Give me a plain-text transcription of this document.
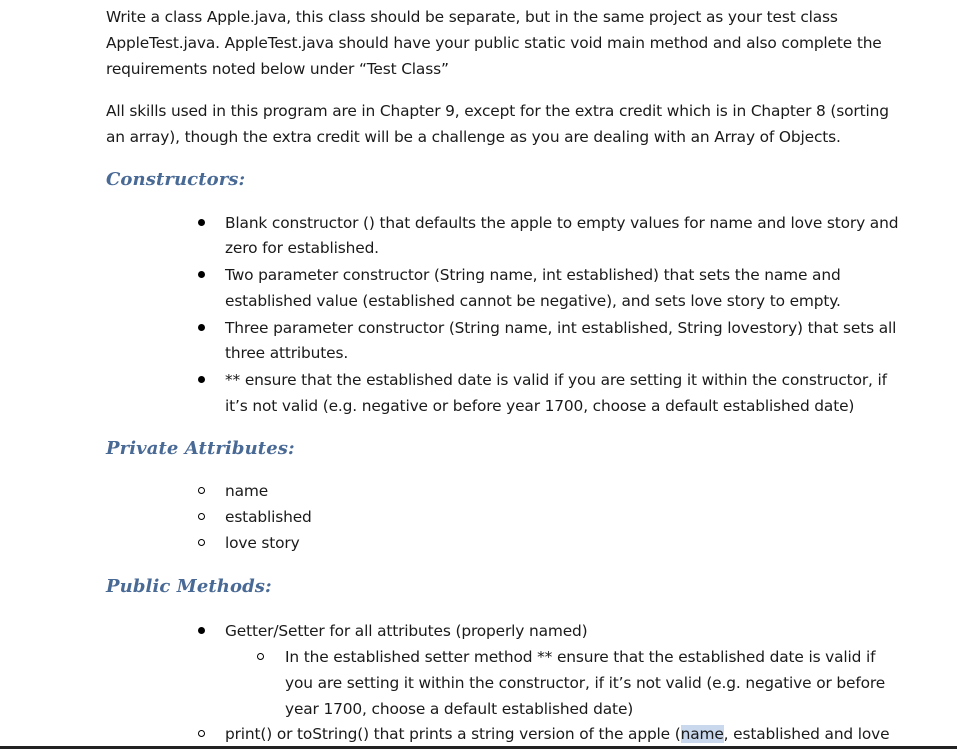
Write a class Apple.java, this class should be separate, but in the same project as your test class

AppleTest.java. AppleTest.java should have your public static void main method and also complete the

requirements noted below under “Test Class”

All skills used in this program are in Chapter 9, except for the extra credit which is in Chapter 8 (sorting

an array), though the extra credit will be a challenge as you are dealing with an Array of Objects.

Constructors:

Blank constructor () that defaults the apple to empty values for name and love story and

zero for established.

Two parameter constructor (String name, int established) that sets the name and

established value (established cannot be negative), and sets love story to empty.

Three parameter constructor (String name, int established, String lovestory) that sets all

three attributes.

** ensure that the established date is valid if you are setting it within the constructor, if

it’s not valid (e.g. negative or before year 1700, choose a default established date)

Private Attributes:

name

established

love story

Public Methods:

Getter/Setter for all attributes (properly named)

In the established setter method ** ensure that the established date is valid if

you are setting it within the constructor, if it’s not valid (e.g. negative or before

year 1700, choose a default established date)

print() or toString() that prints a string version of the apple (name, established and love
